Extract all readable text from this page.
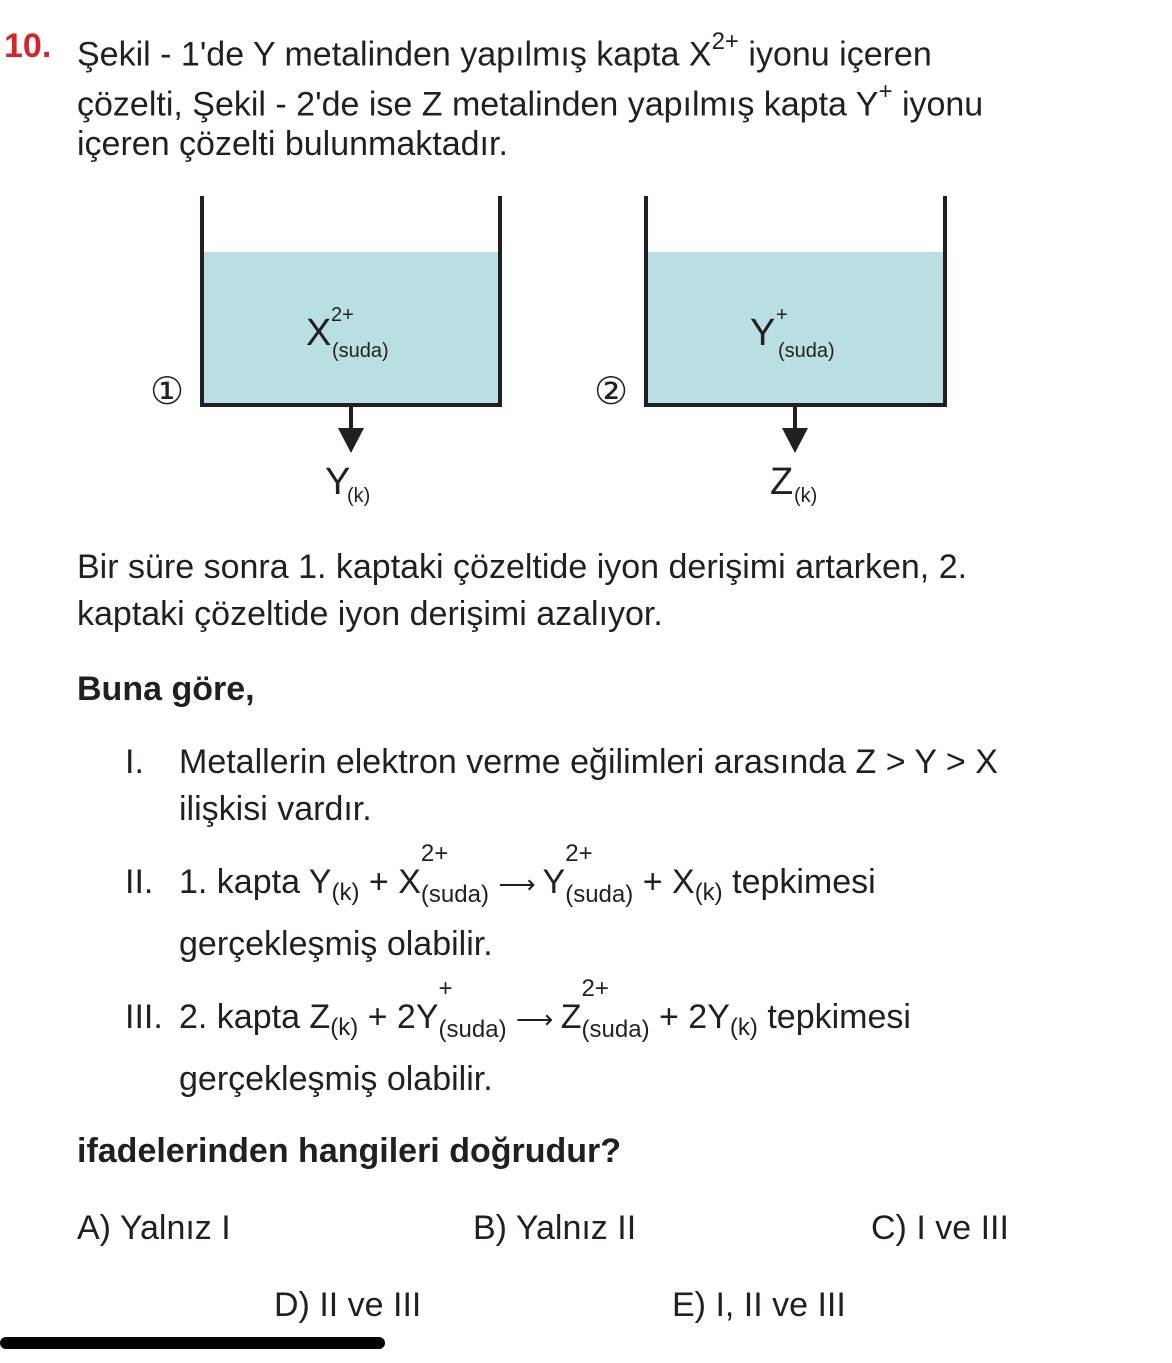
10. Şekil - 1'de Y metalinden yapılmış kapta $X^{2+}$ iyonu içeren
çözelti, Şekil - 2'de ise Z metalinden yapılmış kapta Y+ iyonu
içeren çözelti bulunmaktadır.
①
X 2+
(suda)
Y
(k)
②
Y +
(suda)
Z (k)
Bir süre sonra 1. kaptaki çözeltide iyon derişimi artarken, 2.
kaptaki çözeltide iyon derişimi azalıyor.
Buna göre,
I. Metallerin elektron verme eğilimleri arasında Z > Y > X
ilişkisi vardır.
II. 1. kapta $Y_{(k)} + X$
2+
$_{(suda)}$ ⟶ Y
2+
$_{(suda)} + X_{(k)}$ tepkimesi
gerçekleşmiş olabilir.
III. 2. kapta $Z_{(k)} + 2Y$
+
$_{(suda)}$ ⟶ Z
2+
$_{(suda)} + 2Y_{(k)}$ tepkimesi
gerçekleşmiş olabilir.
ifadelerinden hangileri doğrudur?
A) Yalnız I	B) Yalnız II	C) I ve III
D) II ve III	E) I, II ve III
